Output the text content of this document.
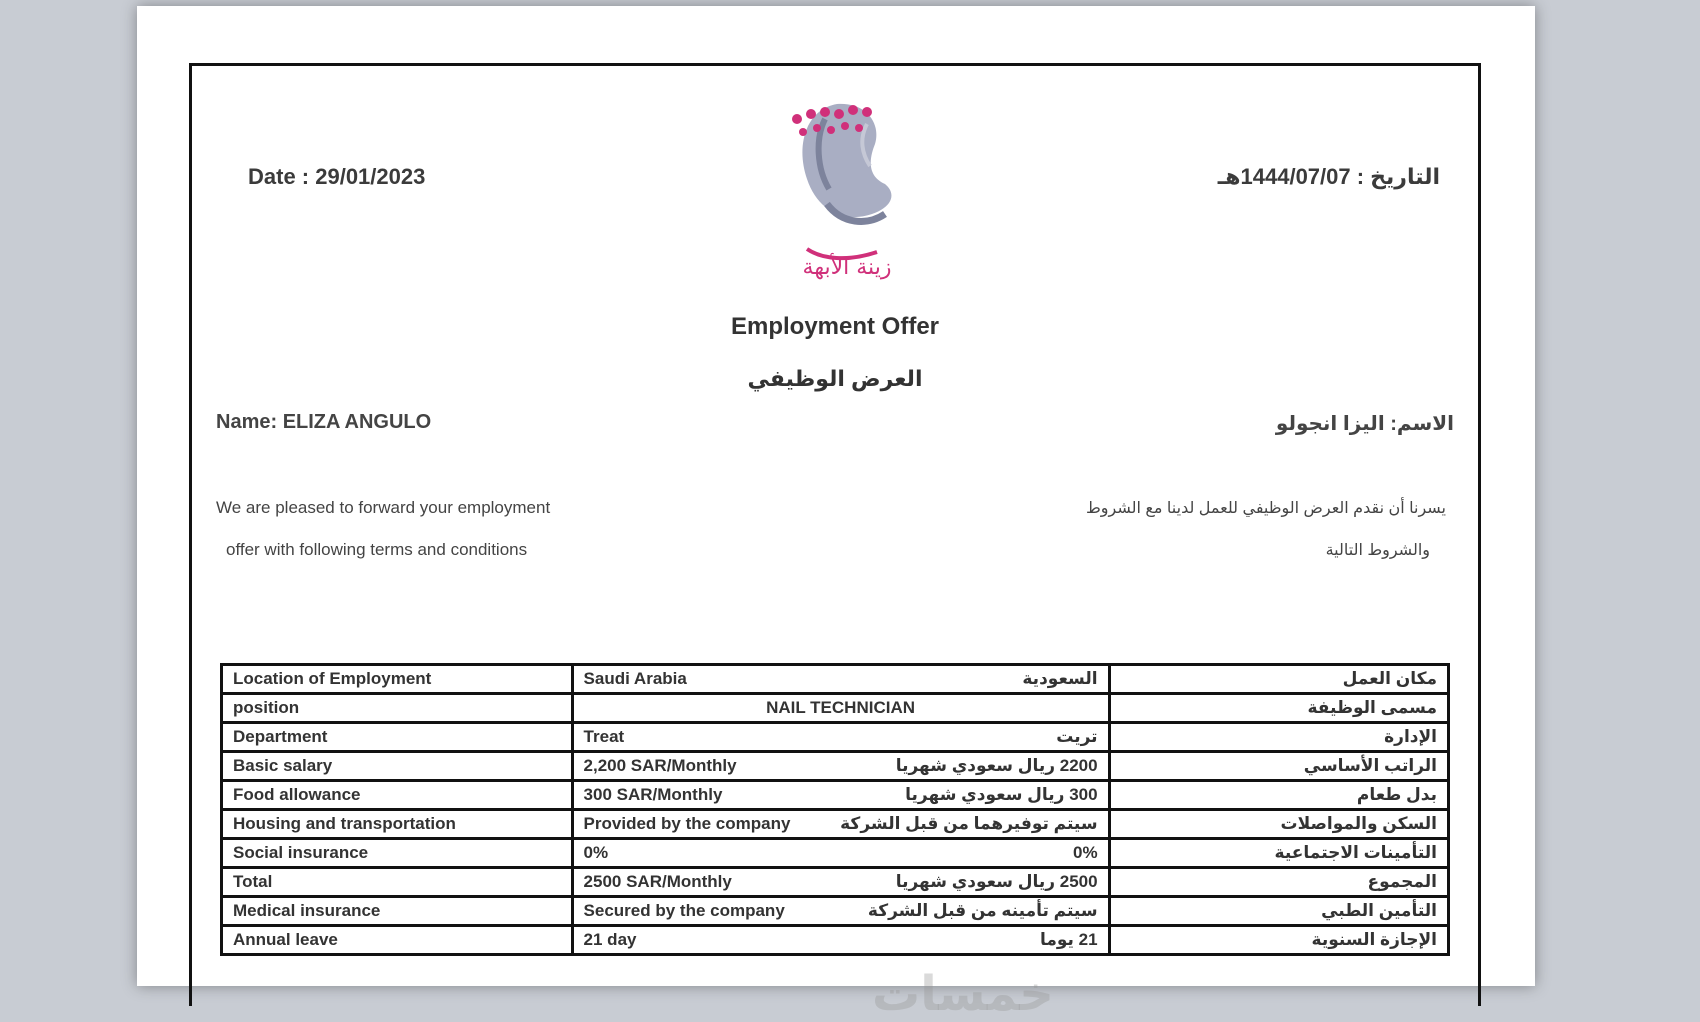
Date : 29/01/2023	التاريخ : 1444/07/07هـ
زينة الأبهة
Employment Offer
العرض الوظيفي
Name: ELIZA ANGULO	الاسم: اليزا انجولو
We are pleased to forward your employment
offer with following terms and conditions
يسرنا أن نقدم العرض الوظيفي للعمل لدينا مع الشروط
والشروط التالية
Location of Employment	Saudi Arabia السعودية	مكان العمل
position	NAIL TECHNICIAN	مسمى الوظيفة
Department	Treat تريت	الإدارة
Basic salary	2,200 SAR/Monthly 2200 ريال سعودي شهريا	الراتب الأساسي
Food allowance	300 SAR/Monthly 300 ريال سعودي شهريا	بدل طعام
Housing and transportation	Provided by the company سيتم توفيرهما من قبل الشركة	السكن والمواصلات
Social insurance	0% 0%	التأمينات الاجتماعية
Total	2500 SAR/Monthly 2500 ريال سعودي شهريا	المجموع
Medical insurance	Secured by the company سيتم تأمينه من قبل الشركة	التأمين الطبي
Annual leave	21 day 21 يوما	الإجازة السنوية
خمسات
